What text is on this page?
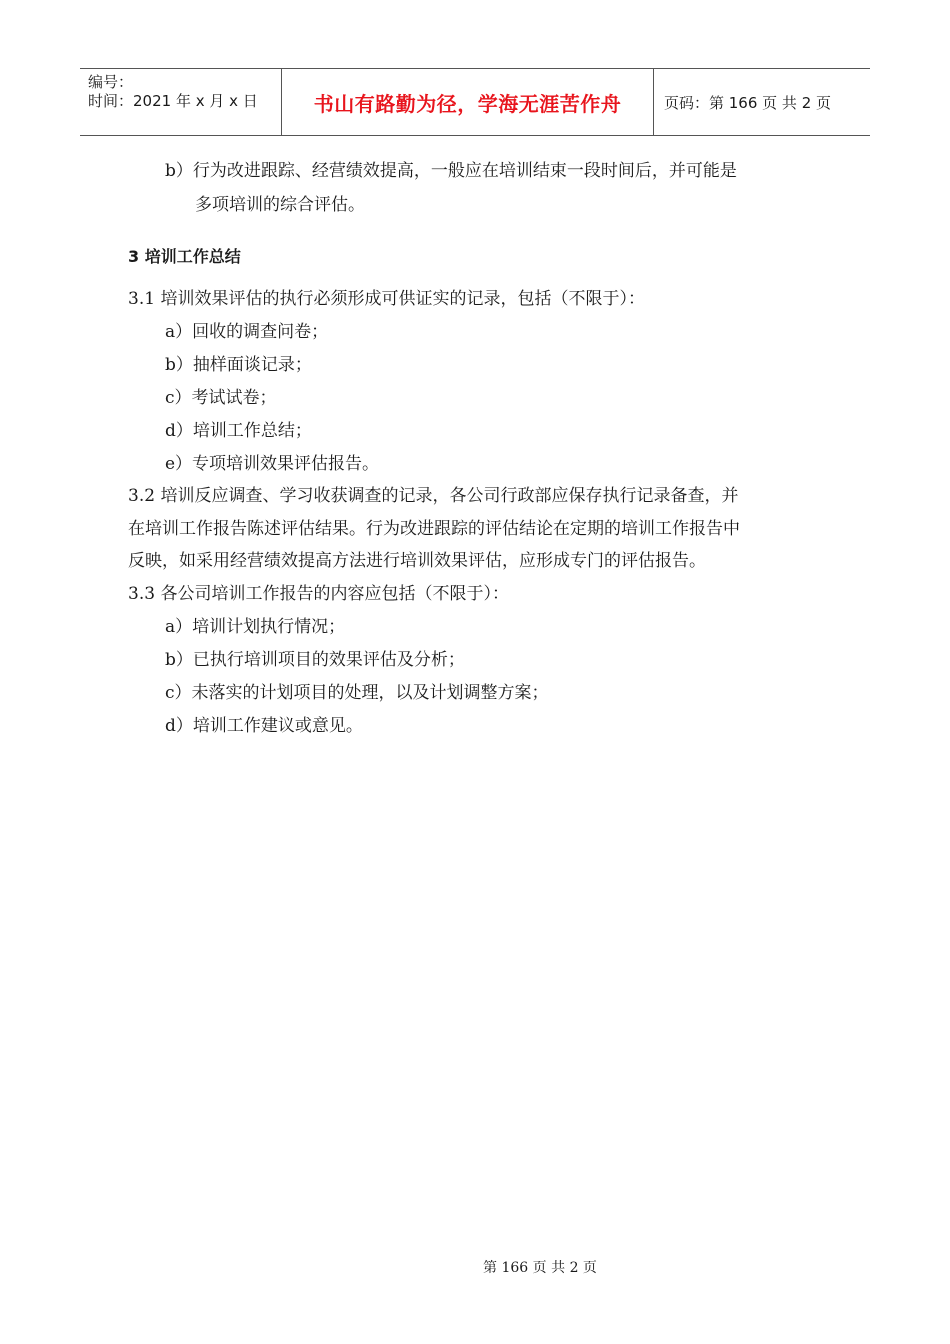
编号：
时间：2021 年 x 月 x 日	书山有路勤为径，学海无涯苦作舟	页码：第 166 页 共 2 页
b）行为改进跟踪、经营绩效提高，一般应在培训结束一段时间后，并可能是
多项培训的综合评估。
3 培训工作总结
3.1 培训效果评估的执行必须形成可供证实的记录，包括（不限于）：
a）回收的调查问卷；
b）抽样面谈记录；
c）考试试卷；
d）培训工作总结；
e）专项培训效果评估报告。
3.2 培训反应调查、学习收获调查的记录，各公司行政部应保存执行记录备查，并
在培训工作报告陈述评估结果。行为改进跟踪的评估结论在定期的培训工作报告中
反映，如采用经营绩效提高方法进行培训效果评估，应形成专门的评估报告。
3.3 各公司培训工作报告的内容应包括（不限于）：
a）培训计划执行情况；
b）已执行培训项目的效果评估及分析；
c）未落实的计划项目的处理，以及计划调整方案；
d）培训工作建议或意见。
第 166 页 共 2 页
